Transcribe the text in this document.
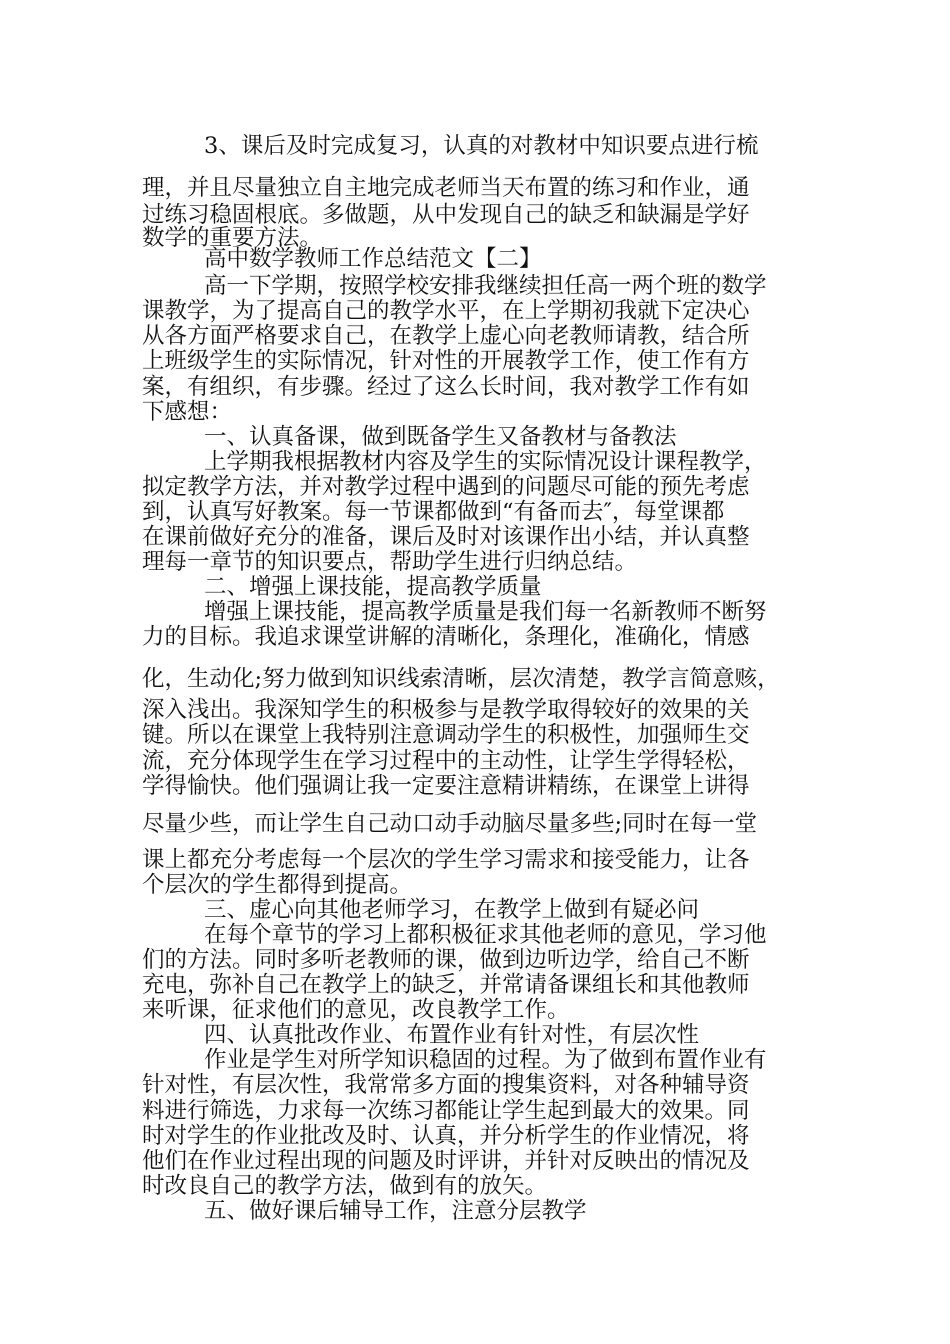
3、课后及时完成复习，认真的对教材中知识要点进行梳
理，并且尽量独立自主地完成老师当天布置的练习和作业，通
过练习稳固根底。多做题，从中发现自己的缺乏和缺漏是学好
数学的重要方法。
高中数学教师工作总结范文【二】
高一下学期，按照学校安排我继续担任高一两个班的数学
课教学，为了提高自己的教学水平，在上学期初我就下定决心
从各方面严格要求自己，在教学上虚心向老教师请教，结合所
上班级学生的实际情况，针对性的开展教学工作，使工作有方
案，有组织，有步骤。经过了这么长时间，我对教学工作有如
下感想：
一、认真备课，做到既备学生又备教材与备教法
上学期我根据教材内容及学生的实际情况设计课程教学，
拟定教学方法，并对教学过程中遇到的问题尽可能的预先考虑
到，认真写好教案。每一节课都做到“有备而去″，每堂课都
在课前做好充分的准备，课后及时对该课作出小结，并认真整
理每一章节的知识要点，帮助学生进行归纳总结。
二、增强上课技能，提高教学质量
增强上课技能，提高教学质量是我们每一名新教师不断努
力的目标。我追求课堂讲解的清晰化，条理化，准确化，情感
化，生动化;努力做到知识线索清晰，层次清楚，教学言简意赅，
深入浅出。我深知学生的积极参与是教学取得较好的效果的关
键。所以在课堂上我特别注意调动学生的积极性，加强师生交
流，充分体现学生在学习过程中的主动性，让学生学得轻松，
学得愉快。他们强调让我一定要注意精讲精练，在课堂上讲得
尽量少些，而让学生自己动口动手动脑尽量多些;同时在每一堂
课上都充分考虑每一个层次的学生学习需求和接受能力，让各
个层次的学生都得到提高。
三、虚心向其他老师学习，在教学上做到有疑必问
在每个章节的学习上都积极征求其他老师的意见，学习他
们的方法。同时多听老教师的课，做到边听边学，给自己不断
充电，弥补自己在教学上的缺乏，并常请备课组长和其他教师
来听课，征求他们的意见，改良教学工作。
四、认真批改作业、布置作业有针对性，有层次性
作业是学生对所学知识稳固的过程。为了做到布置作业有
针对性，有层次性，我常常多方面的搜集资料，对各种辅导资
料进行筛选，力求每一次练习都能让学生起到最大的效果。同
时对学生的作业批改及时、认真，并分析学生的作业情况，将
他们在作业过程出现的问题及时评讲，并针对反映出的情况及
时改良自己的教学方法，做到有的放矢。
五、做好课后辅导工作，注意分层教学
